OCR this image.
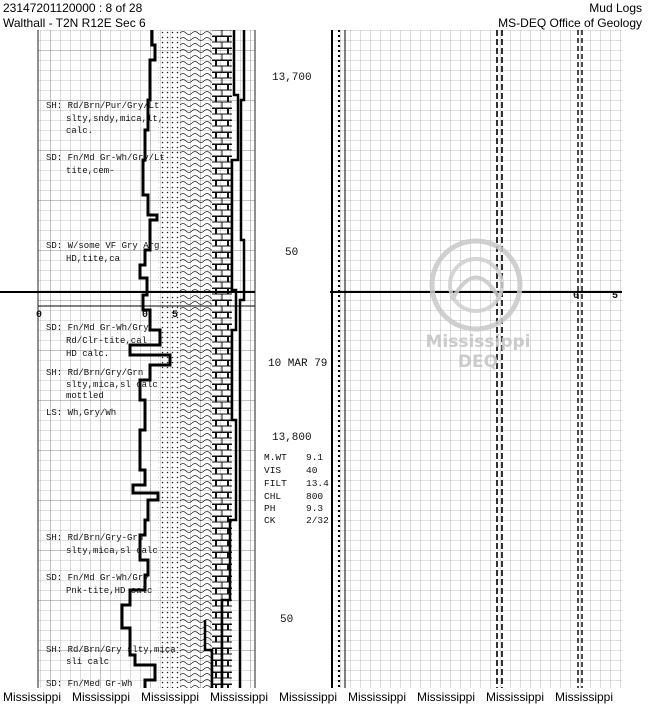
23147201120000 : 8 of 28
Walthall - T2N R12E Sec 6
Mud Logs
MS-DEQ Office of Geology
0	0 5
SH: Rd/Brn/Pur/Gry/Lt
slty,sndy,mica,lt,
calc.
SD: Fn/Md Gr-Wh/Gry/Lt
tite,cem-
SD: W/some VF Gry Arg
HD,tite,ca
SD: Fn/Md Gr-Wh/Gry
Rd/Clr-tite,cal
HD calc.
SH: Rd/Brn/Gry/Grn
slty,mica,sl calc
mottled
LS: Wh,Gry/Wh
SH: Rd/Brn/Gry-Grn
slty,mica,sl calc
SD: Fn/Md Gr-Wh/Gry
Pnk-tite,HD calc
SH: Rd/Brn/Gry slty,mica
sli calc
SD: Fn/Med Gr-Wh
13,700
50
10 MAR 79
13,800
50
M.WT 9.1
VIS	40
FILT 13.4
CHL	800
PH	9.3
CK	2/32
0	5
Mississippi
DEQ
Mississippi Mississippi Mississippi Mississippi Mississippi Mississippi Mississippi Mississippi Mississippi
